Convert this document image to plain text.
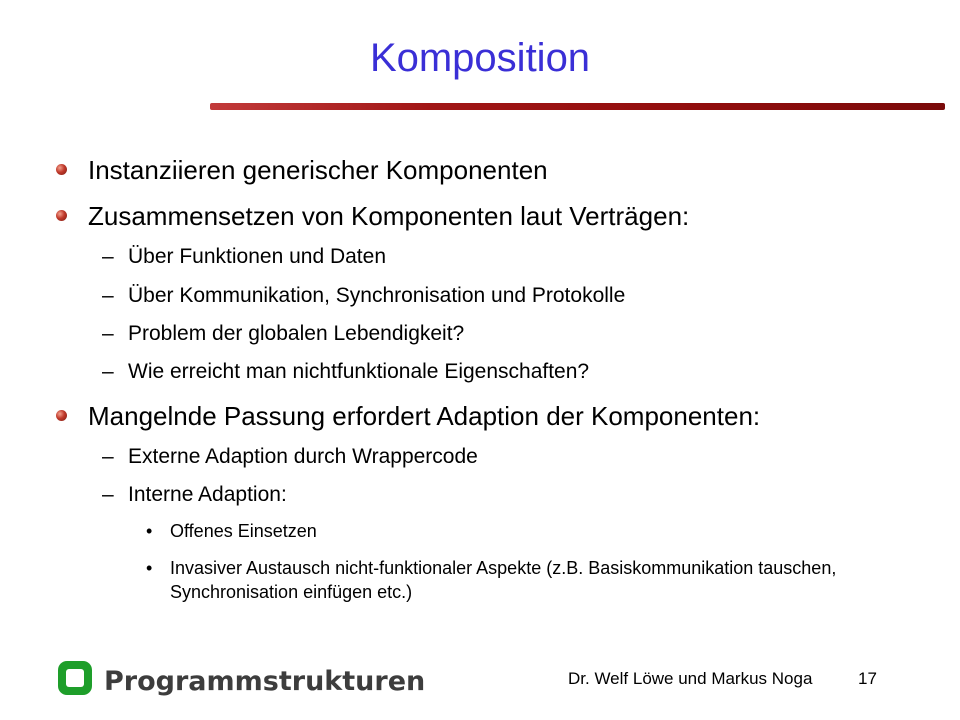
Komposition
Instanziieren generischer Komponenten
Zusammensetzen von Komponenten laut Verträgen:
– Über Funktionen und Daten
– Über Kommunikation, Synchronisation und Protokolle
– Problem der globalen Lebendigkeit?
– Wie erreicht man nichtfunktionale Eigenschaften?
Mangelnde Passung erfordert Adaption der Komponenten:
– Externe Adaption durch Wrappercode
– Interne Adaption:
• Offenes Einsetzen
• Invasiver Austausch nicht-funktionaler Aspekte (z.B. Basiskommunikation tauschen, Synchronisation einfügen etc.)
Programmstrukturen	Dr. Welf Löwe und Markus Noga	17
